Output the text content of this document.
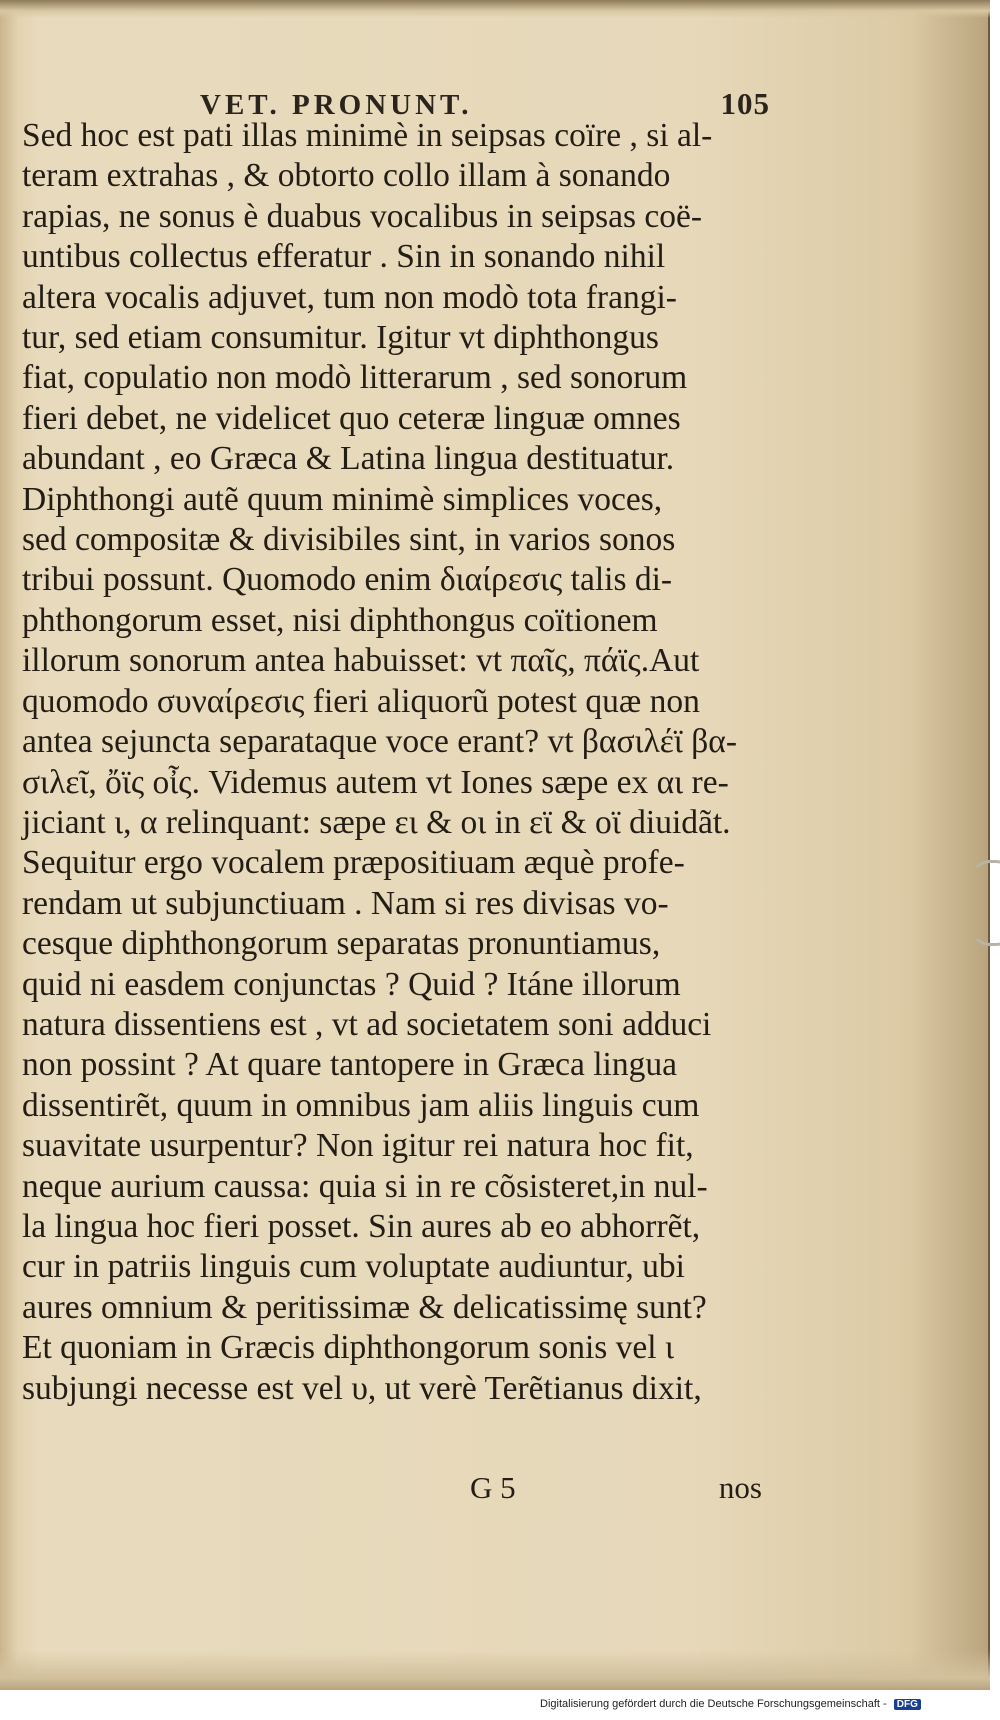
VET. PRONUNT.	105
Sed hoc est pati illas minimè in seipsas coïre , si al-
teram extrahas , & obtorto collo illam à sonando
rapias, ne sonus è duabus vocalibus in seipsas coë-
untibus collectus efferatur . Sin in sonando nihil
altera vocalis adjuvet, tum non modò tota frangi-
tur, sed etiam consumitur. Igitur vt diphthongus
fiat, copulatio non modò litterarum , sed sonorum
fieri debet, ne videlicet quo ceteræ linguæ omnes
abundant , eo Græca & Latina lingua destituatur.
Diphthongi autẽ quum minimè simplices voces,
sed compositæ & divisibiles sint, in varios sonos
tribui possunt. Quomodo enim διαίρεσις talis di-
phthongorum esset, nisi diphthongus coïtionem
illorum sonorum antea habuisset: vt παῖς, πάϊς.Aut
quomodo συναίρεσις fieri aliquorũ potest quæ non
antea sejuncta separataque voce erant? vt βασιλέϊ βα-
σιλεῖ, ὄϊς οἶς. Videmus autem vt Iones sæpe ex αι re-
jiciant ι, α relinquant: sæpe ει & οι in εϊ & οϊ diuidãt.
Sequitur ergo vocalem præpositiuam æquè profe-
rendam ut subjunctiuam . Nam si res divisas vo-
cesque diphthongorum separatas pronuntiamus,
quid ni easdem conjunctas ? Quid ? Itáne illorum
natura dissentiens est , vt ad societatem soni adduci
non possint ? At quare tantopere in Græca lingua
dissentirẽt, quum in omnibus jam aliis linguis cum
suavitate usurpentur? Non igitur rei natura hoc fit,
neque aurium caussa: quia si in re cõsisteret,in nul-
la lingua hoc fieri posset. Sin aures ab eo abhorrẽt,
cur in patriis linguis cum voluptate audiuntur, ubi
aures omnium & peritissimæ & delicatissimę sunt?
Et quoniam in Græcis diphthongorum sonis vel ι
subjungi necesse est vel υ, ut verè Terẽtianus dixit,
G 5	nos
Digitalisierung gefördert durch die Deutsche Forschungsgemeinschaft - DFG
